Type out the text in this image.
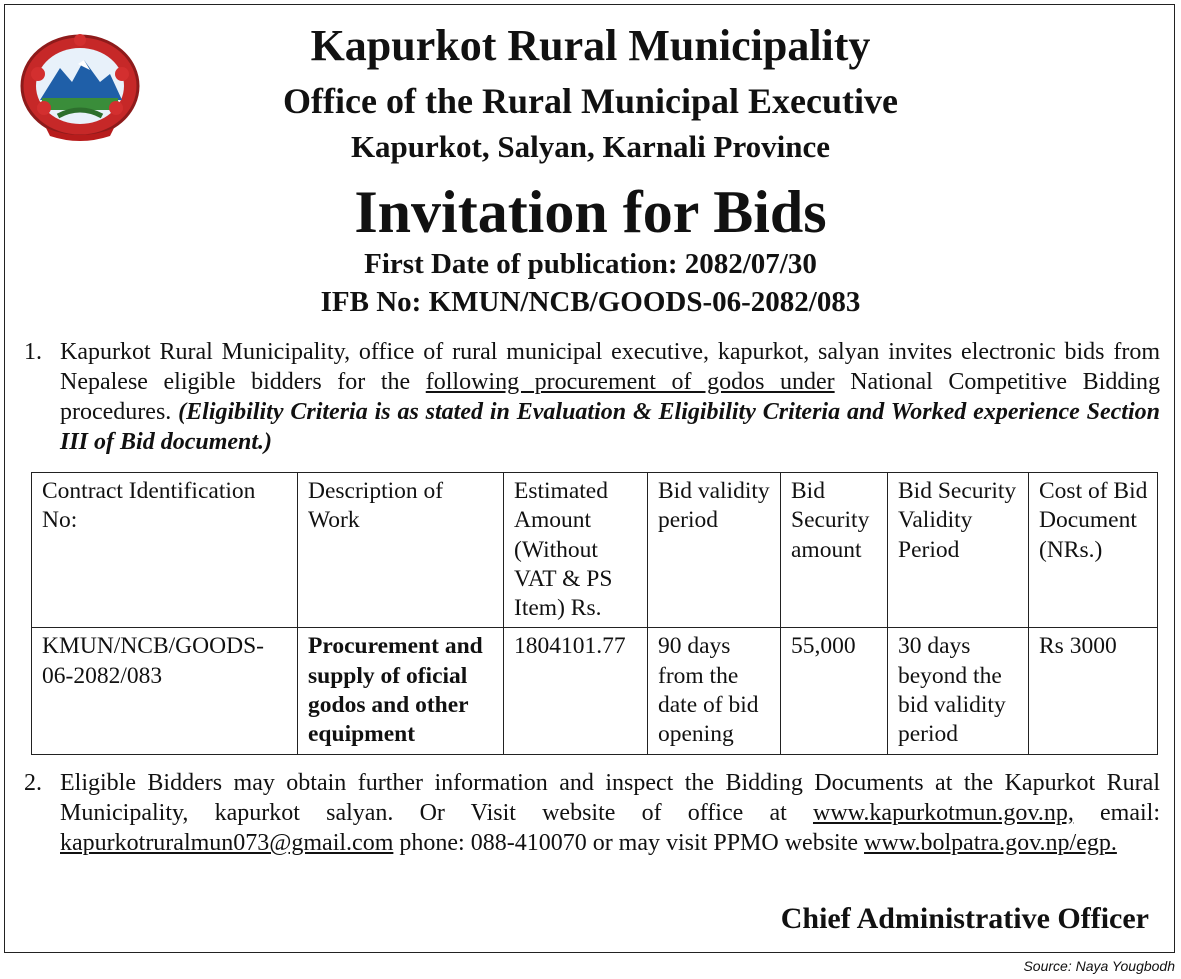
Kapurkot Rural Municipality
Office of the Rural Municipal Executive
Kapurkot, Salyan, Karnali Province
Invitation for Bids
First Date of publication: 2082/07/30
IFB No: KMUN/NCB/GOODS-06-2082/083
1. Kapurkot Rural Municipality, office of rural municipal executive, kapurkot, salyan invites electronic bids from Nepalese eligible bidders for the following procurement of godos under National Competitive Bidding procedures. (Eligibility Criteria is as stated in Evaluation & Eligibility Criteria and Worked experience Section III of Bid document.)
Contract Identification No:	Description of Work	Estimated Amount (Without VAT & PS Item) Rs.	Bid validity period	Bid Security amount	Bid Security Validity Period	Cost of Bid Document (NRs.)
KMUN/NCB/GOODS-06-2082/083	Procurement and supply of oficial godos and other equipment	1804101.77	90 days from the date of bid opening	55,000	30 days beyond the bid validity period	Rs 3000
2. Eligible Bidders may obtain further information and inspect the Bidding Documents at the Kapurkot Rural Municipality, kapurkot salyan. Or Visit website of office at www.kapurkotmun.gov.np, email: kapurkotruralmun073@gmail.com phone: 088-410070 or may visit PPMO website www.bolpatra.gov.np/egp.
Chief Administrative Officer
Source: Naya Yougbodh
